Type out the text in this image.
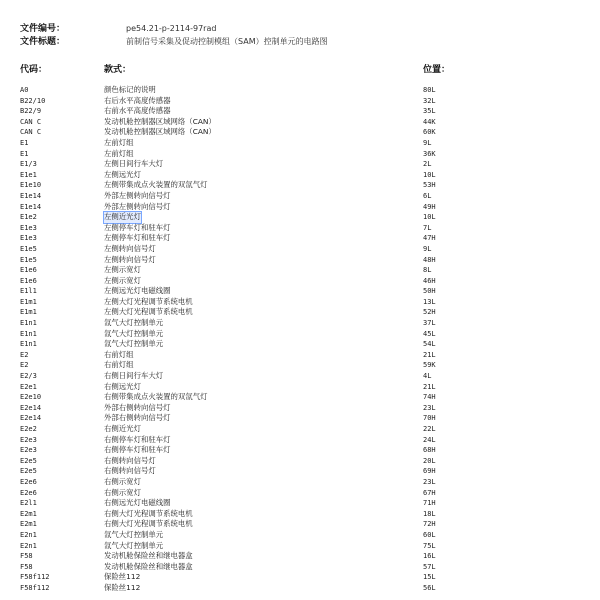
文件编号：	pe54.21-p-2114-97rad
文件标题：	前制信号采集及促动控制模组（SAM）控制单元的电路图
代码：	款式：	位置：
A0	颜色标记的说明	80L
B22/10	右后水平高度传感器	32L
B22/9	右前水平高度传感器	35L
CAN C	发动机舱控制器区域网络（CAN）	44K
CAN C	发动机舱控制器区域网络（CAN）	60K
E1	左前灯组	9L
E1	左前灯组	36K
E1/3	左侧日间行车大灯	2L
E1e1	左侧远光灯	10L
E1e10	左侧带集成点火装置的双氙气灯	53H
E1e14	外部左侧转向信号灯	6L
E1e14	外部左侧转向信号灯	49H
E1e2	左侧近光灯	10L
E1e3	左侧停车灯和驻车灯	7L
E1e3	左侧停车灯和驻车灯	47H
E1e5	左侧转向信号灯	9L
E1e5	左侧转向信号灯	48H
E1e6	左侧示宽灯	8L
E1e6	左侧示宽灯	46H
E1l1	左侧远光灯电磁线圈	50H
E1m1	左侧大灯光程调节系统电机	13L
E1m1	左侧大灯光程调节系统电机	52H
E1n1	氙气大灯控制单元	37L
E1n1	氙气大灯控制单元	45L
E1n1	氙气大灯控制单元	54L
E2	右前灯组	21L
E2	右前灯组	59K
E2/3	右侧日间行车大灯	4L
E2e1	右侧远光灯	21L
E2e10	右侧带集成点火装置的双氙气灯	74H
E2e14	外部右侧转向信号灯	23L
E2e14	外部右侧转向信号灯	70H
E2e2	右侧近光灯	22L
E2e3	右侧停车灯和驻车灯	24L
E2e3	右侧停车灯和驻车灯	68H
E2e5	右侧转向信号灯	20L
E2e5	右侧转向信号灯	69H
E2e6	右侧示宽灯	23L
E2e6	右侧示宽灯	67H
E2l1	右侧远光灯电磁线圈	71H
E2m1	右侧大灯光程调节系统电机	18L
E2m1	右侧大灯光程调节系统电机	72H
E2n1	氙气大灯控制单元	60L
E2n1	氙气大灯控制单元	75L
F58	发动机舱保险丝和继电器盒	16L
F58	发动机舱保险丝和继电器盒	57L
F58f112	保险丝112	15L
F58f112	保险丝112	56L
